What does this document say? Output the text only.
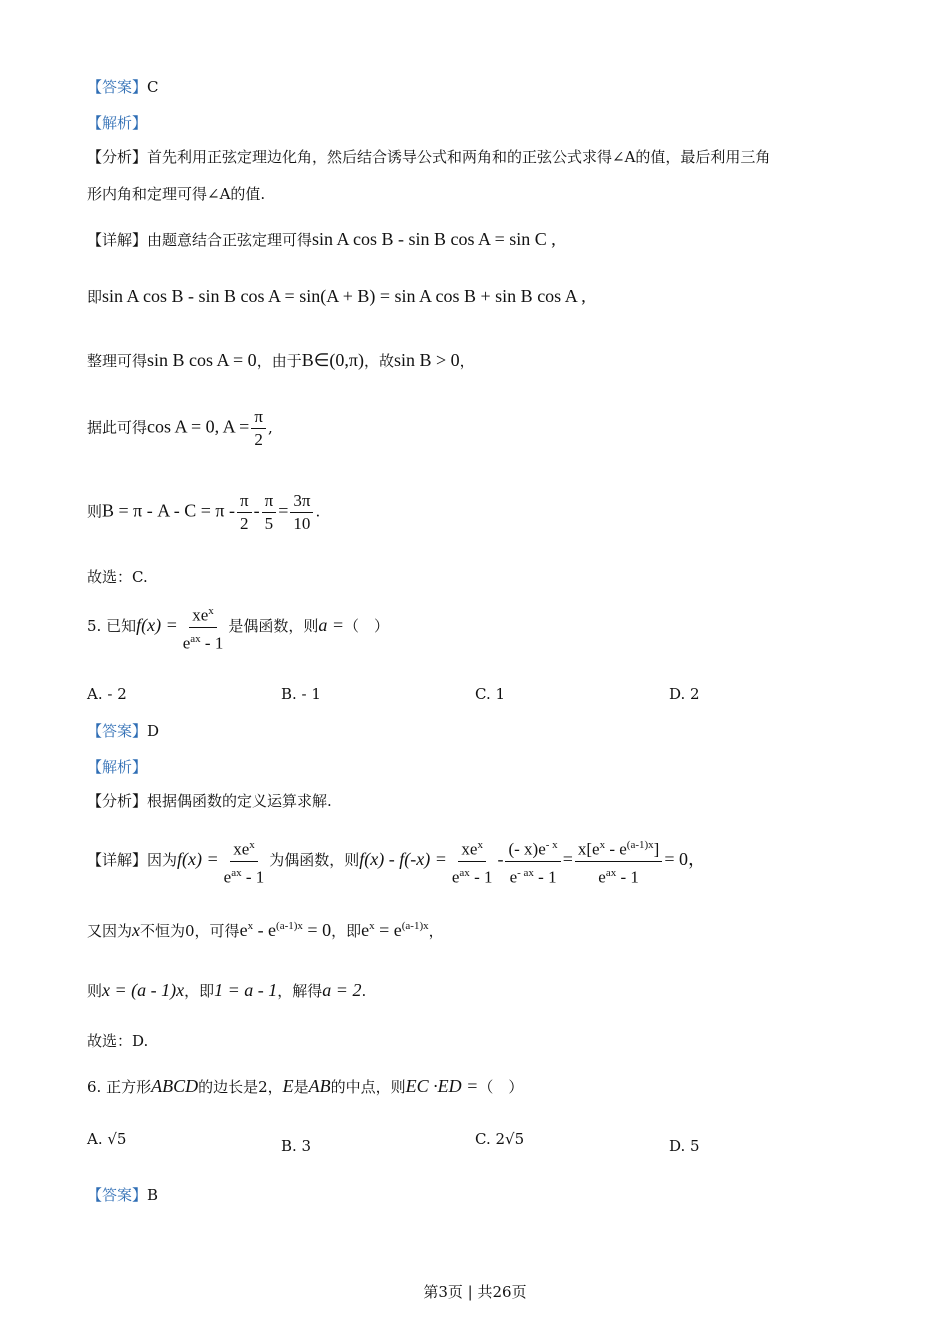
【答案】C
【解析】
【分析】首先利用正弦定理边化角，然后结合诱导公式和两角和的正弦公式求得∠A的值，最后利用三角
形内角和定理可得∠A的值.
【详解】由题意结合正弦定理可得sin A cos B - sin B cos A = sin C ,
即sin A cos B - sin B cos A = sin(A + B) = sin A cos B + sin B cos A ,
整理可得sin B cos A = 0，由于B∈(0,π)，故sin B > 0，
据此可得cos A = 0, $A = \frac{\pi}{2}$ ,
则$B = \pi - A - C = \pi - \frac{\pi}{2} - \frac{\pi}{5} = \frac{3\pi}{10}$ .
故选：C.
5. 已知$f(x) = \frac{xe^x}{e^{ax} - 1}$ 是偶函数，则a =（　）
A. - 2	B. - 1	C. 1	D. 2
【答案】D
【解析】
【分析】根据偶函数的定义运算求解.
【详解】因为$f(x) = \frac{xe^x}{e^{ax} - 1}$ 为偶函数，则$f(x) - f(-x) = \frac{xe^x}{e^{ax} - 1} - \frac{(- x)e^{- x}}{e^{- ax} - 1} = \frac{x[e^x - e^{(a-1)x}]}{e^{ax} - 1} = 0$，
又因为x不恒为0，可得$e^x - e^{(a-1)x} = 0$，即$e^x = e^{(a-1)x}$，
则x = (a - 1)x，即1 = a - 1，解得a = 2.
故选：D.
6. 正方形ABCD的边长是2，E是AB的中点，则EC ·ED =（　）
A. √5	B. 3	C. 2√5	D. 5
【答案】B
第3页 | 共26页
